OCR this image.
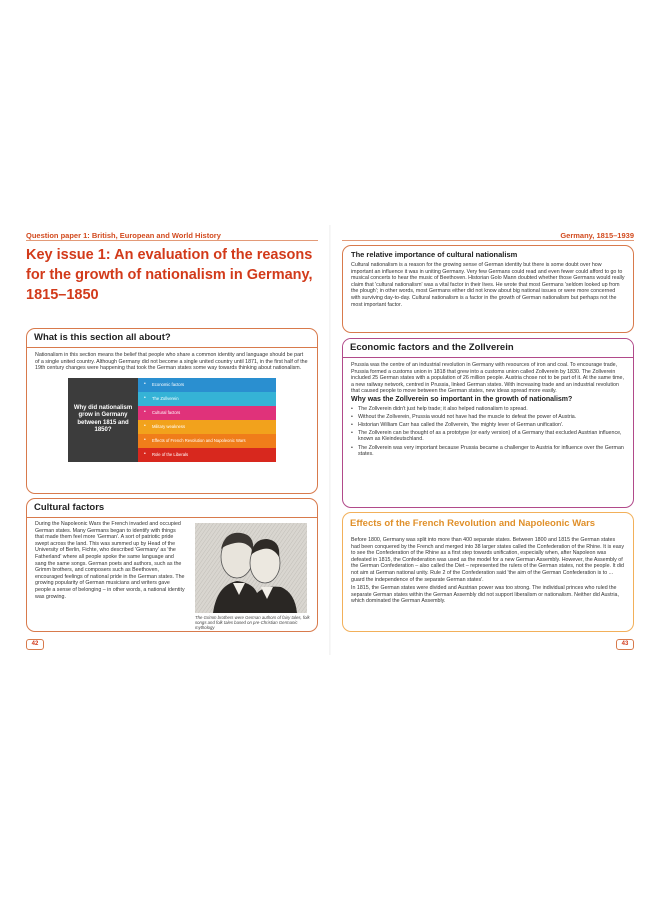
Question paper 1: British, European and World History	Germany, 1815–1939
Key issue 1: An evaluation of the reasons for the growth of nationalism in Germany, 1815–1850
What is this section all about?

Nationalism in this section means the belief that people who share a common identity and language should be part of a single united country. Although Germany did not become a single united country until 1871, in the first half of the 19th century changes were happening that took the German states some way towards thinking about nationalism.

Why did nationalism grow in Germany between 1815 and 1850?
• Economic factors
• The Zollverein
• Cultural factors
• Military weakness
• Effects of French Revolution and Napoleonic Wars
• Role of the Liberals
Cultural factors
During the Napoleonic Wars the French invaded and occupied German states. Many Germans began to identify with things that made them feel more 'German'. A sort of patriotic pride swept across the land. This was summed up by Head of the University of Berlin, Fichte, who described 'Germany' as 'the Fatherland' where all people spoke the same language and sang the same songs. German poets and authors, such as the Grimm brothers, and composers such as Beethoven, encouraged feelings of national pride in the German states. The growing popularity of German musicians and writers gave people a sense of belonging – in other words, a national identity was growing.
The Grimm brothers were German authors of fairy tales, folk songs and folk tales based on pre-Christian Germanic mythology
42
The relative importance of cultural nationalism

Cultural nationalism is a reason for the growing sense of German identity but there is some doubt over how important an influence it was in uniting Germany. Very few Germans could read and even fewer could afford to go to musical concerts to hear the music of Beethoven. Historian Golo Mann doubted whether those Germans would really claim that 'cultural nationalism' was a vital factor in their lives. He wrote that most Germans 'seldom looked up from the plough'; in other words, most Germans either did not know about big national issues or were more concerned with surviving day-to-day. Cultural nationalism is a factor in the growth of German nationalism but perhaps not the most important factor.

Economic factors and the Zollverein

Prussia was the centre of an industrial revolution in Germany with resources of iron and coal. To encourage trade, Prussia formed a customs union in 1818 that grew into a customs union called Zollverein by 1830. The Zollverein included 25 German states with a population of 26 million people. Austria chose not to be part of it. At the same time, a new railway network, centred in Prussia, linked German states. With increasing trade and an industrial revolution that caused people to move between the German states, new ideas spread more easily.

Why was the Zollverein so important in the growth of nationalism?
• The Zollverein didn't just help trade; it also helped nationalism to spread.
• Without the Zollverein, Prussia would not have had the muscle to defeat the power of Austria.
• Historian William Carr has called the Zollverein, 'the mighty lever of German unification'.
• The Zollverein can be thought of as a prototype (or early version) of a Germany that excluded Austrian influence, known as Kleindeutschland.
• The Zollverein was very important because Prussia became a challenger to Austria for influence over the German states.
Effects of the French Revolution and Napoleonic Wars

Before 1800, Germany was split into more than 400 separate states. Between 1800 and 1815 the German states had been conquered by the French and merged into 38 larger states called the Confederation of the Rhine. It is easy to see the Confederation of the Rhine as a first step towards unification, especially when, after Napoleon was defeated in 1815, the Confederation was used as the model for a new German Assembly. However, the Assembly of the German Confederation – also called the Diet – represented the rulers of the German states, not the people. It did not aim at German national unity. Rule 2 of the Confederation said 'the aim of the German Confederation is to ... guard the independence of the separate German states'.

In 1815, the German states were divided and Austrian power was too strong. The individual princes who ruled the separate German states within the German Assembly did not support liberalism or nationalism. Neither did Austria, which dominated the German Assembly.

43
